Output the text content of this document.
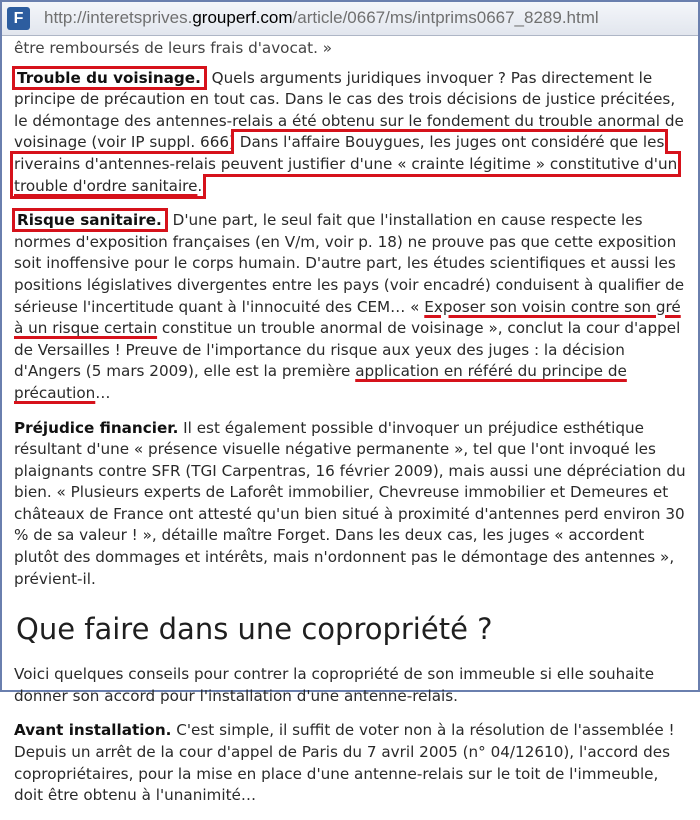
F	http://interetsprives.grouperf.com/article/0667/ms/intprims0667_8289.html

être remboursés de leurs frais d'avocat. »

Trouble du voisinage. Quels arguments juridiques invoquer ? Pas directement le principe de précaution en tout cas. Dans le cas des trois décisions de justice précitées, le démontage des antennes-relais a été obtenu sur le fondement du trouble anormal de voisinage (voir IP suppl. 666) Dans l'affaire Bouygues, les juges ont considéré que les riverains d'antennes-relais peuvent justifier d'une « crainte légitime » constitutive d'un trouble d'ordre sanitaire.

Risque sanitaire. D'une part, le seul fait que l'installation en cause respecte les normes d'exposition françaises (en V/m, voir p. 18) ne prouve pas que cette exposition soit inoffensive pour le corps humain. D'autre part, les études scientifiques et aussi les positions législatives divergentes entre les pays (voir encadré) conduisent à qualifier de sérieuse l'incertitude quant à l'innocuité des CEM… « Exposer son voisin contre son gré à un risque certain constitue un trouble anormal de voisinage », conclut la cour d'appel de Versailles ! Preuve de l'importance du risque aux yeux des juges : la décision d'Angers (5 mars 2009), elle est la première application en référé du principe de précaution…

Préjudice financier. Il est également possible d'invoquer un préjudice esthétique résultant d'une « présence visuelle négative permanente », tel que l'ont invoqué les plaignants contre SFR (TGI Carpentras, 16 février 2009), mais aussi une dépréciation du bien. « Plusieurs experts de Laforêt immobilier, Chevreuse immobilier et Demeures et châteaux de France ont attesté qu'un bien situé à proximité d'antennes perd environ 30 % de sa valeur ! », détaille maître Forget. Dans les deux cas, les juges « accordent plutôt des dommages et intérêts, mais n'ordonnent pas le démontage des antennes », prévient-il.

Que faire dans une copropriété ?

Voici quelques conseils pour contrer la copropriété de son immeuble si elle souhaite donner son accord pour l'installation d'une antenne-relais.

Avant installation. C'est simple, il suffit de voter non à la résolution de l'assemblée ! Depuis un arrêt de la cour d'appel de Paris du 7 avril 2005 (n° 04/12610), l'accord des copropriétaires, pour la mise en place d'une antenne-relais sur le toit de l'immeuble, doit être obtenu à l'unanimité…
